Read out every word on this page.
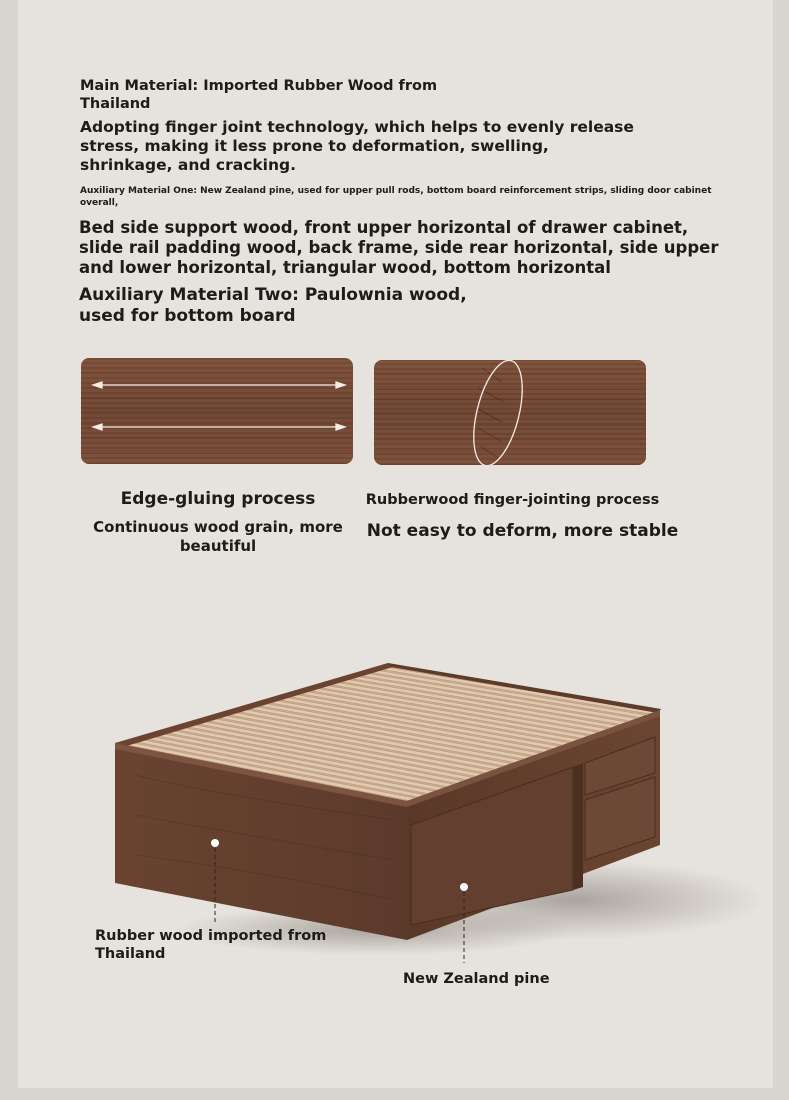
Main Material: Imported Rubber Wood from Thailand

Adopting finger joint technology, which helps to evenly release stress, making it less prone to deformation, swelling, shrinkage, and cracking.

Auxiliary Material One: New Zealand pine, used for upper pull rods, bottom board reinforcement strips, sliding door cabinet overall,

Bed side support wood, front upper horizontal of drawer cabinet, slide rail padding wood, back frame, side rear horizontal, side upper and lower horizontal, triangular wood, bottom horizontal

Auxiliary Material Two: Paulownia wood, used for bottom board

Edge-gluing process

Continuous wood grain, more beautiful

Rubberwood finger-jointing process

Not easy to deform, more stable

Rubber wood imported from Thailand

New Zealand pine
